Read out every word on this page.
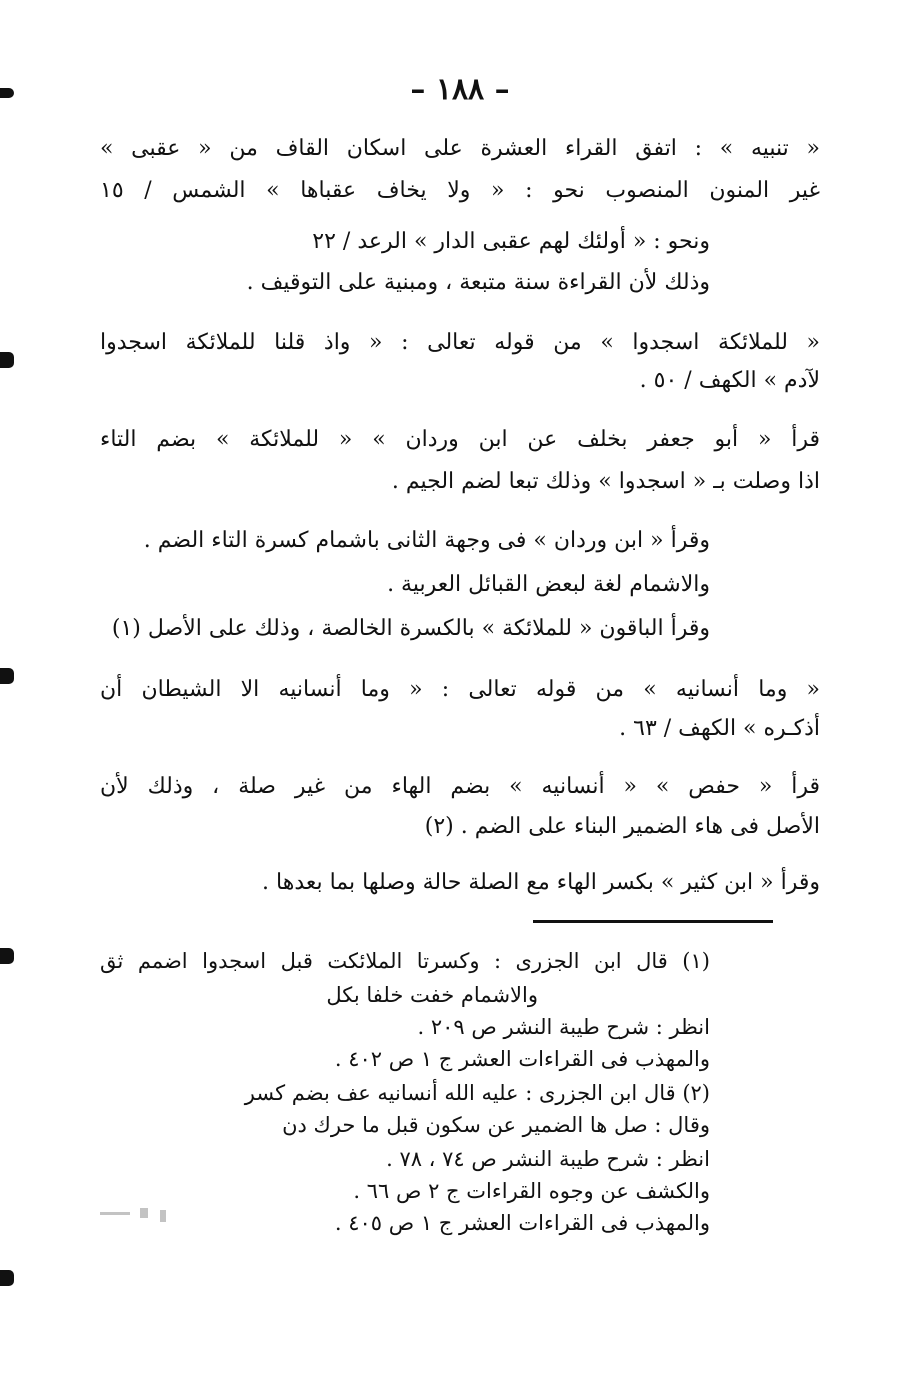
– ١٨٨ –
« تنبيه » : اتفق القراء العشرة على اسكان القاف من « عقبى »
غير المنون المنصوب نحو : « ولا يخاف عقباها » الشمس / ١٥
ونحو : « أولئك لهم عقبى الدار » الرعد / ٢٢
وذلك لأن القراءة سنة متبعة ، ومبنية على التوقيف .
« للملائكة اسجدوا » من قوله تعالى : « واذ قلنا للملائكة اسجدوا
لآدم » الكهف / ٥٠ .
قرأ « أبو جعفر بخلف عن ابن وردان » « للملائكة » بضم التاء
اذا وصلت بـ « اسجدوا » وذلك تبعا لضم الجيم .
وقرأ « ابن وردان » فى وجهة الثانى باشمام كسرة التاء الضم .
والاشمام لغة لبعض القبائل العربية .
وقرأ الباقون « للملائكة » بالكسرة الخالصة ، وذلك على الأصل (١)
« وما أنسانيه » من قوله تعالى : « وما أنسانيه الا الشيطان أن
أذكـره » الكهف / ٦٣ .
قرأ « حفص » « أنسانيه » بضم الهاء من غير صلة ، وذلك لأن
الأصل فى هاء الضمير البناء على الضم . (٢)
وقرأ « ابن كثير » بكسر الهاء مع الصلة حالة وصلها بما بعدها .
(١) قال ابن الجزرى : وكسرتا الملائكت قبل اسجدوا اضمم ثق
والاشمام خفت خلفا بكل
انظر : شرح طيبة النشر ص ٢٠٩ .
والمهذب فى القراءات العشر ج ١ ص ٤٠٢ .
(٢) قال ابن الجزرى : عليه الله أنسانيه عف بضم كسر
وقال : صل ها الضمير عن سكون قبل ما حرك دن
انظر : شرح طيبة النشر ص ٧٤ ، ٧٨ .
والكشف عن وجوه القراءات ج ٢ ص ٦٦ .
والمهذب فى القراءات العشر ج ١ ص ٤٠٥ .
